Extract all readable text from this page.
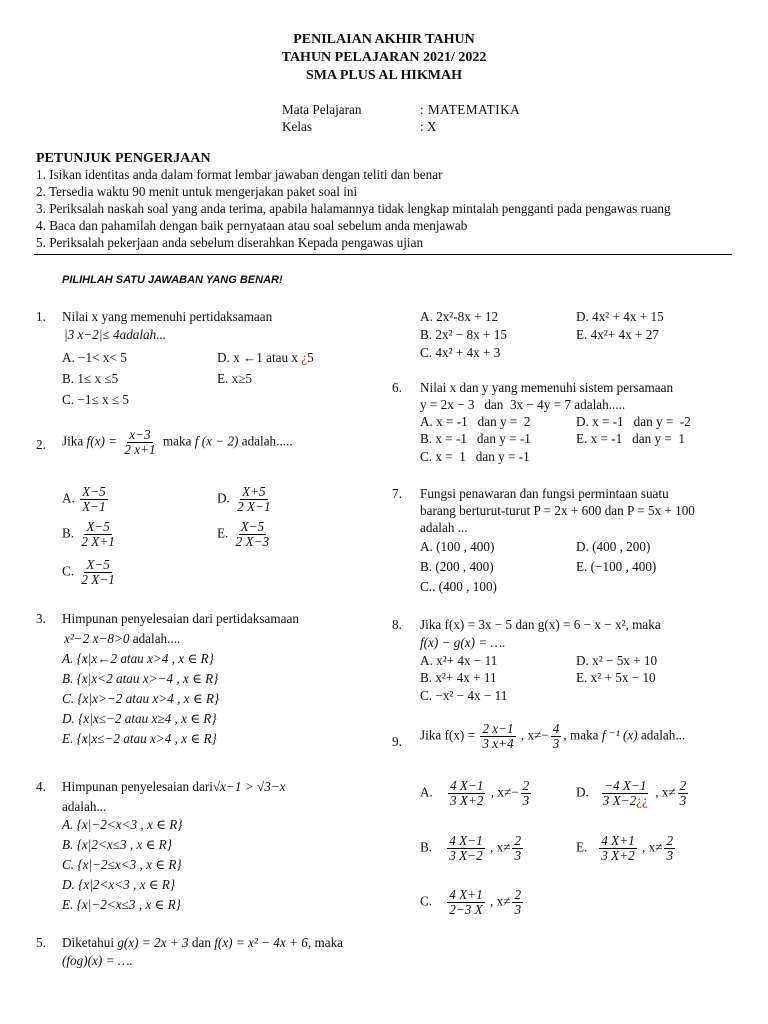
PENILAIAN AKHIR TAHUN
TAHUN PELAJARAN 2021/ 2022
SMA PLUS AL HIKMAH
Mata Pelajaran	: MATEMATIKA
Kelas	: X
PETUNJUK PENGERJAAN
1. Isikan identitas anda dalam format lembar jawaban dengan teliti dan benar
2. Tersedia waktu 90 menit untuk mengerjakan paket soal ini
3. Periksalah naskah soal yang anda terima, apabila halamannya tidak lengkap mintalah pengganti pada pengawas ruang
4. Baca dan pahamilah dengan baik pernyataan atau soal sebelum anda menjawab
5. Periksalah pekerjaan anda sebelum diserahkan Kepada pengawas ujian
PILIHLAH SATU JAWABAN YANG BENAR!
1. Nilai x yang memenuhi pertidaksamaan
|3 x−2|≤ 4adalah...
A. −1< x< 5
B. 1≤ x ≤5
C. −1≤ x ≤ 5
D. x ←1 atau x ¿5
E. x≥5
2. Jika $f(x) = \frac{x-3}{2 x+1}$ maka f (x − 2) adalah.....
A. $\frac{X-5}{X-1}$
B. $\frac{X-5}{2 X+1}$
C. $\frac{X-5}{2 X-1}$
D. $\frac{X+5}{2 X-1}$
E. $\frac{X-5}{2 X-3}$
3. Himpunan penyelesaian dari pertidaksamaan
x²−2 x−8>0 adalah....
A. {x|x←2 atau x>4 , x ∈ R}
B. {x|x<2 atau x>−4 , x ∈ R}
C. {x|x>−2 atau x>4 , x ∈ R}
D. {x|x≤−2 atau x≥4 , x ∈ R}
E. {x|x≤−2 atau x>4 , x ∈ R}
4. Himpunan penyelesaian dari√x−1 > √3−x
adalah...
A. {x|−2<x<3 , x ∈ R}
B. {x|2<x≤3 , x ∈ R}
C. {x|−2≤x<3 , x ∈ R}
D. {x|2<x<3 , x ∈ R}
E. {x|−2<x≤3 , x ∈ R}
5. Diketahui g(x) = 2x + 3 dan f(x) = x² − 4x + 6, maka
(fog)(x) = ….
A. 2x²-8x + 12
B. 2x² − 8x + 15
C. 4x² + 4x + 3
D. 4x² + 4x + 15
E. 4x²+ 4x + 27
6. Nilai x dan y yang memenuhi sistem persamaan
y = 2x − 3   dan  3x − 4y = 7 adalah.....
A. x = -1   dan y =  2
B. x = -1   dan y = -1
C. x =  1   dan y = -1
D. x = -1   dan y =  -2
E. x = -1   dan y =  1
7. Fungsi penawaran dan fungsi permintaan suatu
barang berturut-turut P = 2x + 600 dan P = 5x + 100
adalah ...
A. (100 , 400)
B. (200 , 400)
C.. (400 , 100)
D. (400 , 200)
E. (−100 , 400)
8. Jika f(x) = 3x − 5 dan g(x) = 6 − x − x², maka
f(x) − g(x) = ….
A. x²+ 4x − 11
B. x²+ 4x + 11
C. −x² − 4x − 11
D. x² − 5x + 10
E. x² + 5x − 10
9. Jika $f(x) = \frac{2 x-1}{3 x+4}$ , $x\ne- \frac{4}{3}$ , maka f ⁻¹ (x) adalah...
A. $\frac{4 X-1}{3 X+2}$ , $x\ne- \frac{2}{3}$
B. $\frac{4 X-1}{3 X-2}$ , $x\ne \frac{2}{3}$
C. $\frac{4 X+1}{2-3 X}$ , $x\ne \frac{2}{3}$
D. $\frac{-4 X-1}{3 X-2¿¿}$ , $x\ne \frac{2}{3}$
E. $\frac{4 X+1}{3 X+2}$ , $x\ne \frac{2}{3}$
